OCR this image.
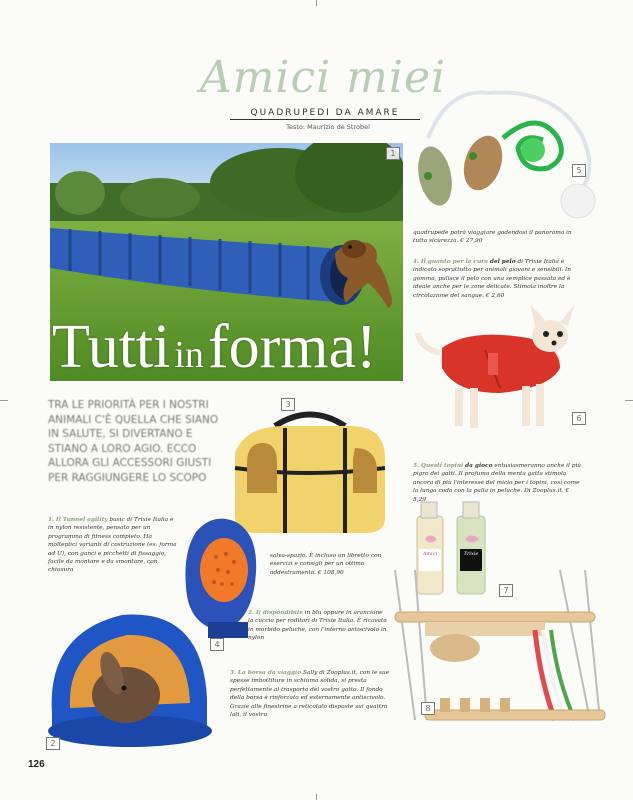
Amici miei
QUADRUPEDI DA AMARE
Testo: Maurizio de Strobel
1
Tutti in forma!
5
6
TRA LE PRIORITÀ PER I NOSTRI ANIMALI C'È QUELLA CHE SIANO IN SALUTE, SI DIVERTANO E STIANO A LORO AGIO. ECCO ALLORA GLI ACCESSORI GIUSTI PER RAGGIUNGERE LO SCOPO
3
4
2
Amici	Trixie
7
8
1. Il Tunnel agility basic di Trixie Italia è in nylon resistente, pensato per un programma di fitness completo. Ha molteplici varianti di costruzione (es. forma ad U), con ganci e picchetti di fissaggio, facile da montare e da smontare, con chiusura
salva-spazio. È incluso un libretto con esercizi e consigli per un ottimo addestramento. € 108,90
2. Il dispondibile in blu oppure in arancione la cuccia per roditori di Trixie Italia. È ricavata in morbido peluche, con l'interno antiscivolo in nylon
3. La borsa da viaggio Sally di Zooplus.it, con le sue spesse imbottiture in schiuma solida, si presta perfettamente al trasporto del vostro gatto. Il fondo della borsa è rinforzato ed esternamente antiscivolo. Grazie alle finestrine a reticolato disposte sui quattro lati, il vostro
quadrupede potrà viaggiare godendosi il panorama in tutta sicurezza. € 27,90
4. Il guanto per la cura del pelo di Trixie Italia è indicato soprattutto per animali giovani e sensibili. In gomma, pulisce il pelo con una semplice passata ed è ideale anche per le zone delicate. Stimola inoltre la circolazione del sangue. € 2,60
5. Questi topini da gioco entusiasmeranno anche il più pigro dei gatti. Il profumo della menta gatta stimola ancora di più l'interesse del micio per i topini, così come la lunga coda con la palla in peluche. Di Zooplus.it. € 5,29
126
